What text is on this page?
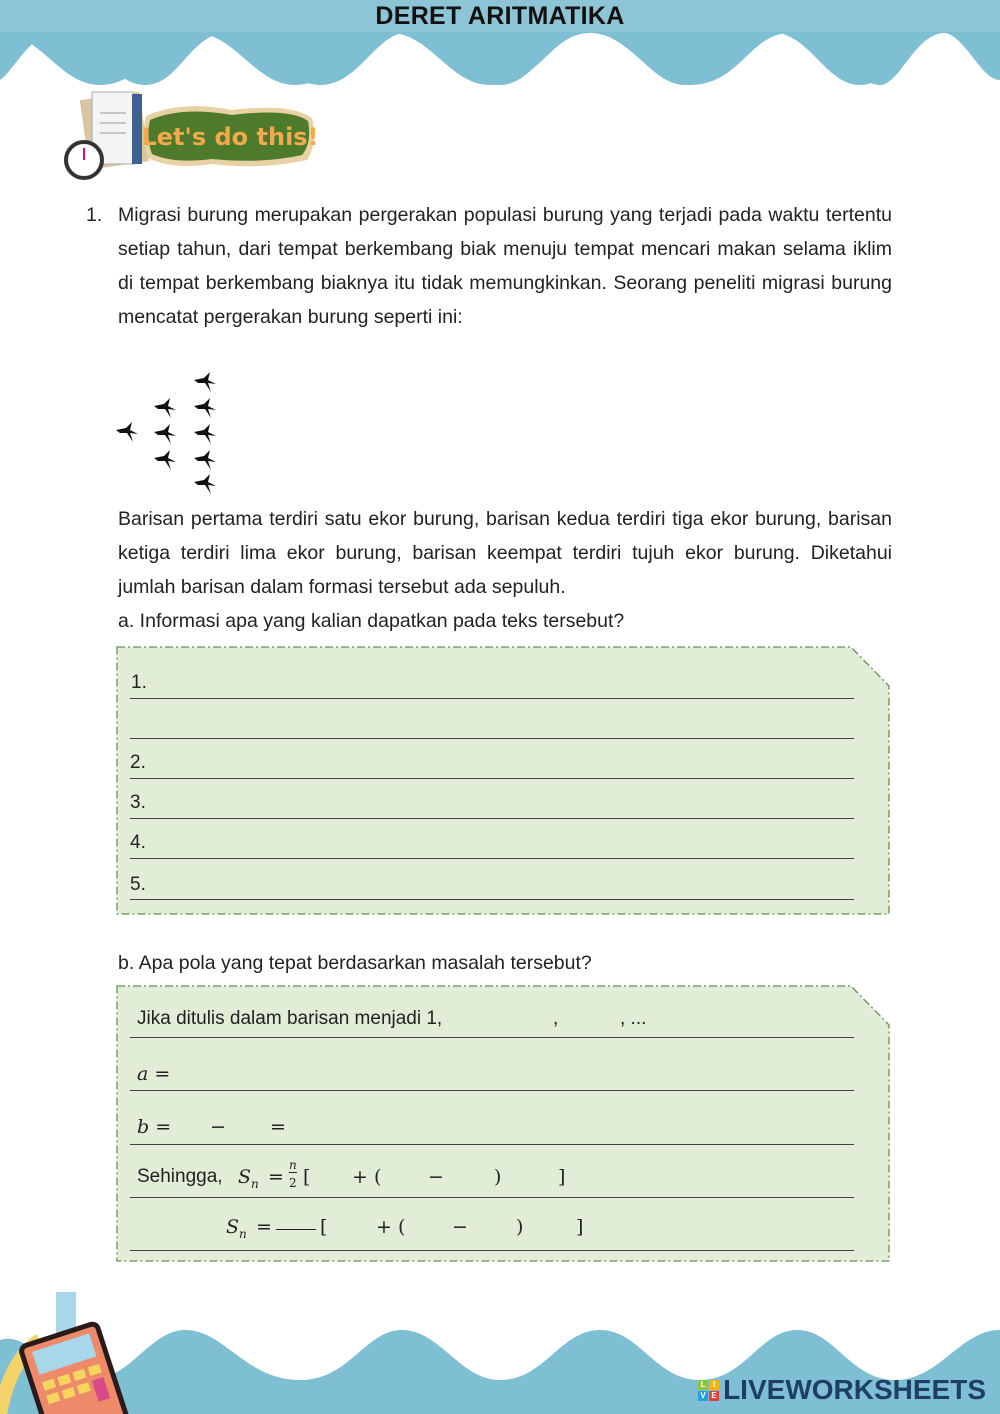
DERET ARITMATIKA
Let's do this!
1. Migrasi burung merupakan pergerakan populasi burung yang terjadi pada waktu tertentu setiap tahun, dari tempat berkembang biak menuju tempat mencari makan selama iklim di tempat berkembang biaknya itu tidak memungkinkan. Seorang peneliti migrasi burung mencatat pergerakan burung seperti ini:
Barisan pertama terdiri satu ekor burung, barisan kedua terdiri tiga ekor burung, barisan ketiga terdiri lima ekor burung, barisan keempat terdiri tujuh ekor burung. Diketahui jumlah barisan dalam formasi tersebut ada sepuluh.
a. Informasi apa yang kalian dapatkan pada teks tersebut?
1.
2.
3.
4.
5.
b. Apa pola yang tepat berdasarkan masalah tersebut?
Jika ditulis dalam barisan menjadi 1,	,	, ...
a =
b = − =
Sehingga, $S_n$ =
n
2 [ + ( −	)	]
$S_n$ =	[	+ ( −	)	]
L I
V E LIVEWORKSHEETS
